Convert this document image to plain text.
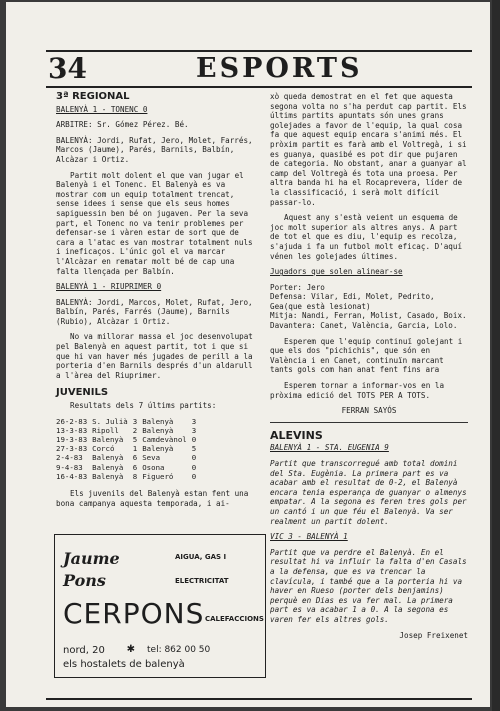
34	ESPORTS
3ª REGIONAL

BALENYÀ 1 - TONENC 0

ARBITRE: Sr. Gómez Pérez. Bé.

BALENYÀ: Jordi, Rufat, Jero, Molet, Farrés, Marcos (Jaume), Parés, Barnils, Balbín, Alcàzar i Ortiz.

Partit molt dolent el que van jugar el Balenyà i el Tonenc. El Balenyà es va mostrar com un equip totalment trencat, sense idees i sense que els seus homes sapiguessin ben bé on jugaven. Per la seva part, el Tonenc no va tenir problemes per defensar-se i vàren estar de sort que de cara a l'atac es van mostrar totalment nuls i ineficaços. L'únic gol el va marcar l'Alcàzar en rematar molt bé de cap una falta llençada per Balbín.

BALENYÀ 1 - RIUPRIMER 0

BALENYÀ: Jordi, Marcos, Molet, Rufat, Jero, Balbín, Parés, Farrés (Jaume), Barnils (Rubio), Alcàzar i Ortiz.

No va millorar massa el joc desenvolupat pel Balenyà en aquest partit, tot i que si que hi van haver més jugades de perill a la porteria d'en Barnils després d'un aldarull a l'àrea del Riuprimer.

JUVENILS

Resultats dels 7 últims partits:

26-2-83	S. Julià	3	Balenyà	3
13-3-83	Ripoll	2	Balenyà	3
19-3-83	Balenyà	5	Camdevànol	0
27-3-83	Corcó	1	Balenyà	5
2-4-83	Balenyà	6	Seva	0
9-4-83	Balenyà	6	Osona	0
16-4-83	Balenyà	8	Figueró	0

Els juvenils del Balenyà estan fent una bona campanya aquesta temporada, i ai-

Jaume
Pons
AIGUA, GAS I
ELECTRICITAT
CERPONS CALEFACCIONS
nord, 20 ✱ tel: 862 00 50
els hostalets de balenyà

xò queda demostrat en el fet que aquesta segona volta no s'ha perdut cap partit. Els últims partits apuntats són unes grans golejades a favor de l'equip, la qual cosa fa que aquest equip encara s'animi més. El pròxim partit es farà amb el Voltregà, i si es guanya, quasibé es pot dir que pujaren de categoria. No obstant, anar a guanyar al camp del Voltregà és tota una proesa. Per altra banda hi ha el Rocaprevera, líder de la classificació, i serà molt difícil passar-lo.

Aquest any s'està veient un esquema de joc molt superior als altres anys. A part de tot el que es diu, l'equip es recolza, s'ajuda i fa un futbol molt eficaç. D'aquí vénen les golejades últimes.

Jugadors que solen alinear-se

Porter: Jero
Defensa: Vilar, Edi, Molet, Pedrito, Gea(que està lesionat)
Mitja: Nandi, Ferran, Molist, Casado, Boix.
Davantera: Canet, València, Garcia, Lolo.

Esperem que l'equip continuï golejant i que els dos "pichichis", que són en València i en Canet, continuïn marcant tants gols com han anat fent fins ara

Esperem tornar a informar-vos en la pròxima edició del TOTS PER A TOTS.

FERRAN SAYÓS

ALEVINS

BALENYÀ 1 - STA. EUGENIA 9

Partit que transcorregué amb total domini del Sta. Eugènia. La primera part es va acabar amb el resultat de 0-2, el Balenyà encara tenia esperança de guanyar o almenys empatar. A la segona es feren tres gols per un cantó i un que féu el Balenyà. Va ser realment un partit dolent.

VIC 3 - BALENYÀ 1

Partit que va perdre el Balenyà. En el resultat hi va influir la falta d'en Casals a la defensa, que es va trencar la clavícula, i també que a la porteria hi va haver en Rueso (porter dels benjamins) perquè en Dias es va fer mal. La primera part es va acabar 1 a 0. A la segona es varen fer els altres gols.

Josep Freixenet
